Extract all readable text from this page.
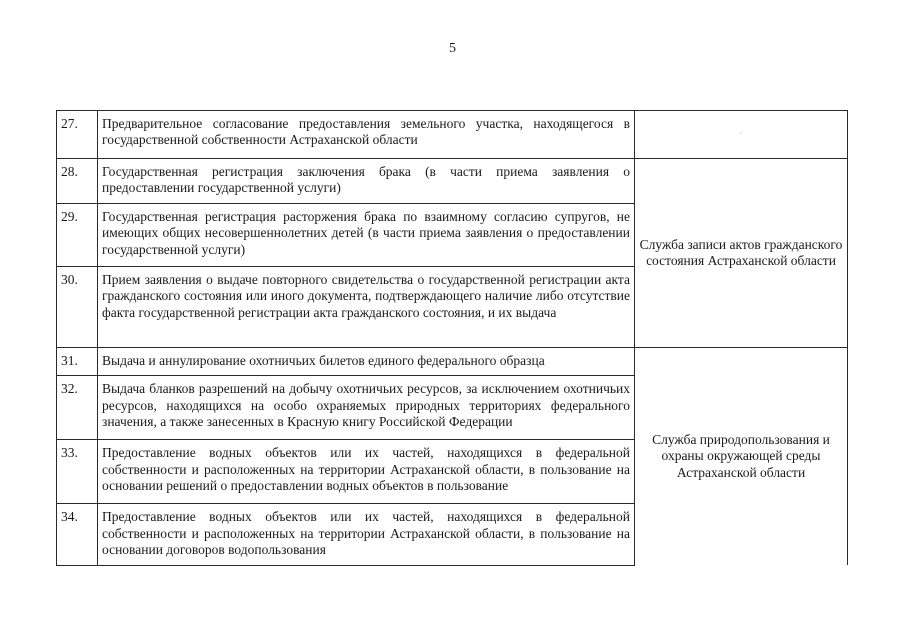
5
27.	Предварительное согласование предоставления земельного участка, находящегося в государственной собственности Астраханской области	·
28.	Государственная регистрация заключения брака (в части приема заявления о предоставлении государственной услуги)	Служба записи актов гражданского состояния Астраханской области
29.	Государственная регистрация расторжения брака по взаимному согласию супругов, не имеющих общих несовершеннолетних детей (в части приема заявления о предоставлении государственной услуги)	
30.	Прием заявления о выдаче повторного свидетельства о государственной регистрации акта гражданского состояния или иного документа, подтверждающего наличие либо отсутствие факта государственной регистрации акта гражданского состояния, и их выдача	
31.	Выдача и аннулирование охотничьих билетов единого федерального образца	Служба природопользования и охраны окружающей среды Астраханской области
32.	Выдача бланков разрешений на добычу охотничьих ресурсов, за исключением охотничьих ресурсов, находящихся на особо охраняемых природных территориях федерального значения, а также занесенных в Красную книгу Российской Федерации	
33.	Предоставление водных объектов или их частей, находящихся в федеральной собственности и расположенных на территории Астраханской области, в пользование на основании решений о предоставлении водных объектов в пользование	
34.	Предоставление водных объектов или их частей, находящихся в федеральной собственности и расположенных на территории Астраханской области, в пользование на основании договоров водопользования	
